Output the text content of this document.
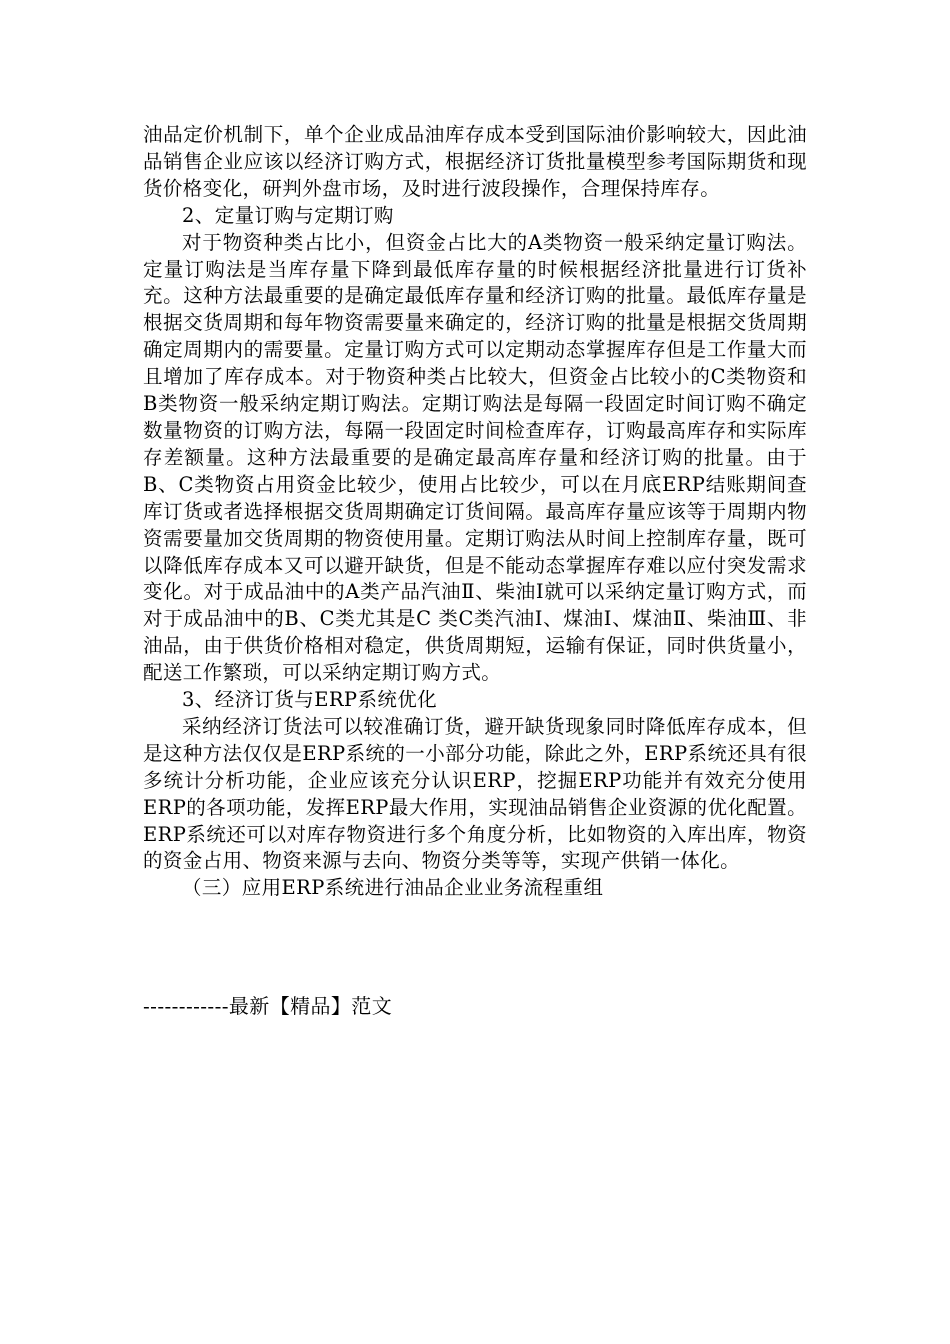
油品定价机制下，单个企业成品油库存成本受到国际油价影响较大，因此油品销售企业应该以经济订购方式，根据经济订货批量模型参考国际期货和现货价格变化，研判外盘市场，及时进行波段操作，合理保持库存。

2、定量订购与定期订购

对于物资种类占比小，但资金占比大的A类物资一般采纳定量订购法。定量订购法是当库存量下降到最低库存量的时候根据经济批量进行订货补充。这种方法最重要的是确定最低库存量和经济订购的批量。最低库存量是根据交货周期和每年物资需要量来确定的，经济订购的批量是根据交货周期确定周期内的需要量。定量订购方式可以定期动态掌握库存但是工作量大而且增加了库存成本。对于物资种类占比较大，但资金占比较小的C类物资和B类物资一般采纳定期订购法。定期订购法是每隔一段固定时间订购不确定数量物资的订购方法，每隔一段固定时间检查库存，订购最高库存和实际库存差额量。这种方法最重要的是确定最高库存量和经济订购的批量。由于B、C类物资占用资金比较少，使用占比较少，可以在月底ERP结账期间查库订货或者选择根据交货周期确定订货间隔。最高库存量应该等于周期内物资需要量加交货周期的物资使用量。定期订购法从时间上控制库存量，既可以降低库存成本又可以避开缺货，但是不能动态掌握库存难以应付突发需求变化。对于成品油中的A类产品汽油Ⅱ、柴油Ⅰ就可以采纳定量订购方式，而对于成品油中的B、C类尤其是C 类C类汽油Ⅰ、煤油Ⅰ、煤油Ⅱ、柴油Ⅲ、非油品，由于供货价格相对稳定，供货周期短，运输有保证，同时供货量小，配送工作繁琐，可以采纳定期订购方式。

3、经济订货与ERP系统优化

采纳经济订货法可以较准确订货，避开缺货现象同时降低库存成本，但是这种方法仅仅是ERP系统的一小部分功能，除此之外，ERP系统还具有很多统计分析功能，企业应该充分认识ERP，挖掘ERP功能并有效充分使用ERP的各项功能，发挥ERP最大作用，实现油品销售企业资源的优化配置。ERP系统还可以对库存物资进行多个角度分析，比如物资的入库出库，物资的资金占用、物资来源与去向、物资分类等等，实现产供销一体化。

（三）应用ERP系统进行油品企业业务流程重组

------------最新【精品】范文
